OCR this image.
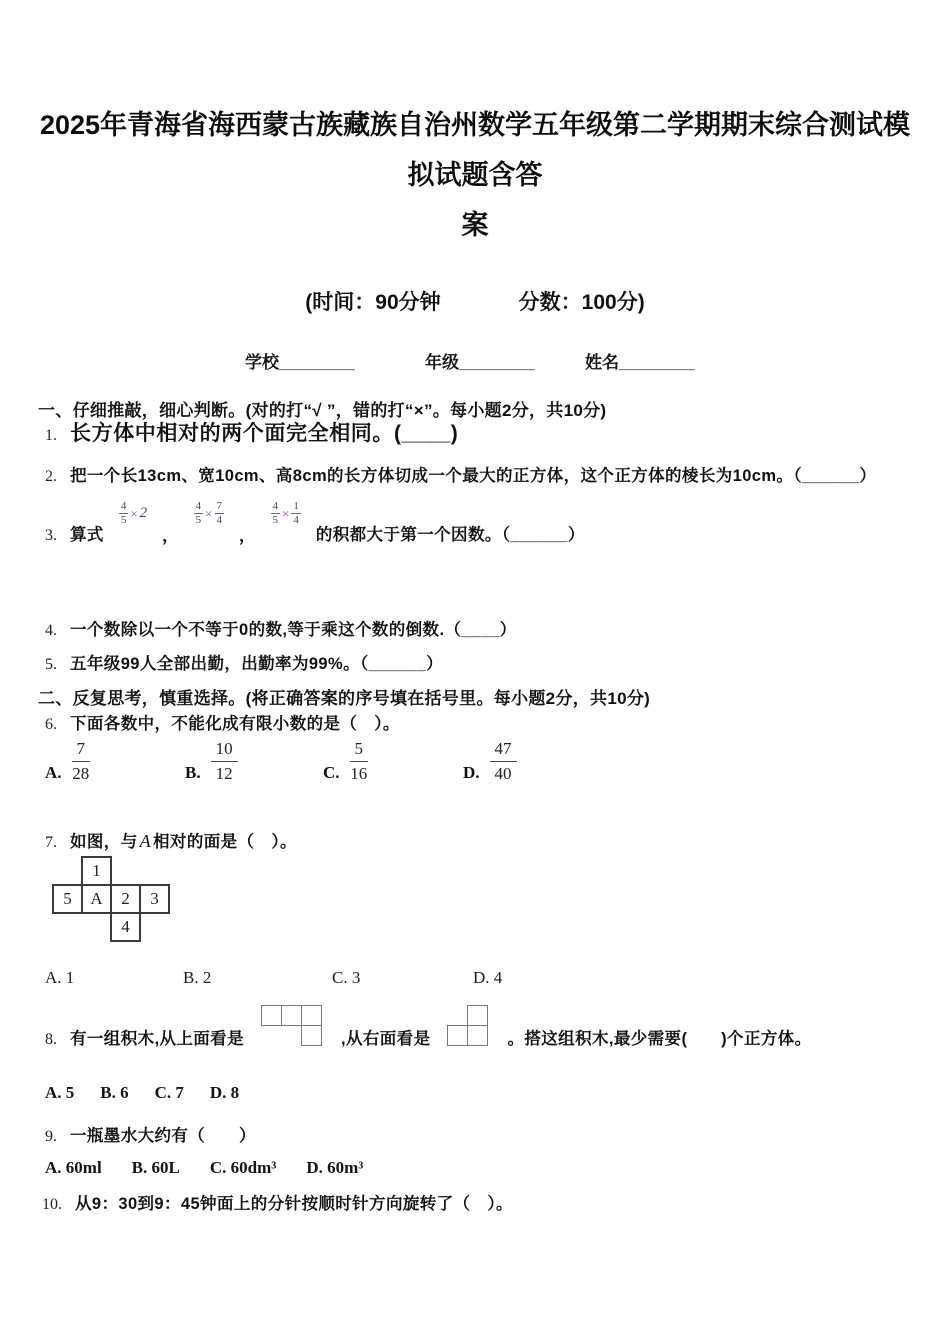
2025年青海省海西蒙古族藏族自治州数学五年级第二学期期末综合测试模拟试题含答
案
(时间：90分钟	分数：100分)
学校________	年级________	姓名________
一、仔细推敲，细心判断。(对的打“√ ”，错的打“×”。每小题2分，共10分)
1. 长方体中相对的两个面完全相同。(____)
2. 把一个长13cm、宽10cm、高8cm的长方体切成一个最大的正方体，这个正方体的棱长为10cm。（______）
3. 算式
$\frac{4}{5} \times 2$
，
$\frac{4}{5} \times \frac{7}{4}$
，
$\frac{4}{5} \times \frac{1}{4}$
的积都大于第一个因数。（______）
4. 一个数除以一个不等于0的数,等于乘这个数的倒数.（____）
5. 五年级99人全部出勤，出勤率为99%。（______）
二、反复思考，慎重选择。(将正确答案的序号填在括号里。每小题2分，共10分)
6. 下面各数中，不能化成有限小数的是（　）。
A. $\frac{7}{28}$	B. $\frac{10}{12}$	C. $\frac{5}{16}$	D. $\frac{47}{40}$
7. 如图，与 A 相对的面是（　）。
1
5	A	2	3
4
A. 1	B. 2	C. 3	D. 4
8. 有一组积木,从上面看是	,从右面看是	。搭这组积木,最少需要(　　)个正方体。
A. 5 B. 6 C. 7 D. 8
9. 一瓶墨水大约有（　　）
A. 60ml B. 60L C. 60dm³ D. 60m³
10. 从9：30到9：45钟面上的分针按顺时针方向旋转了（　）。
